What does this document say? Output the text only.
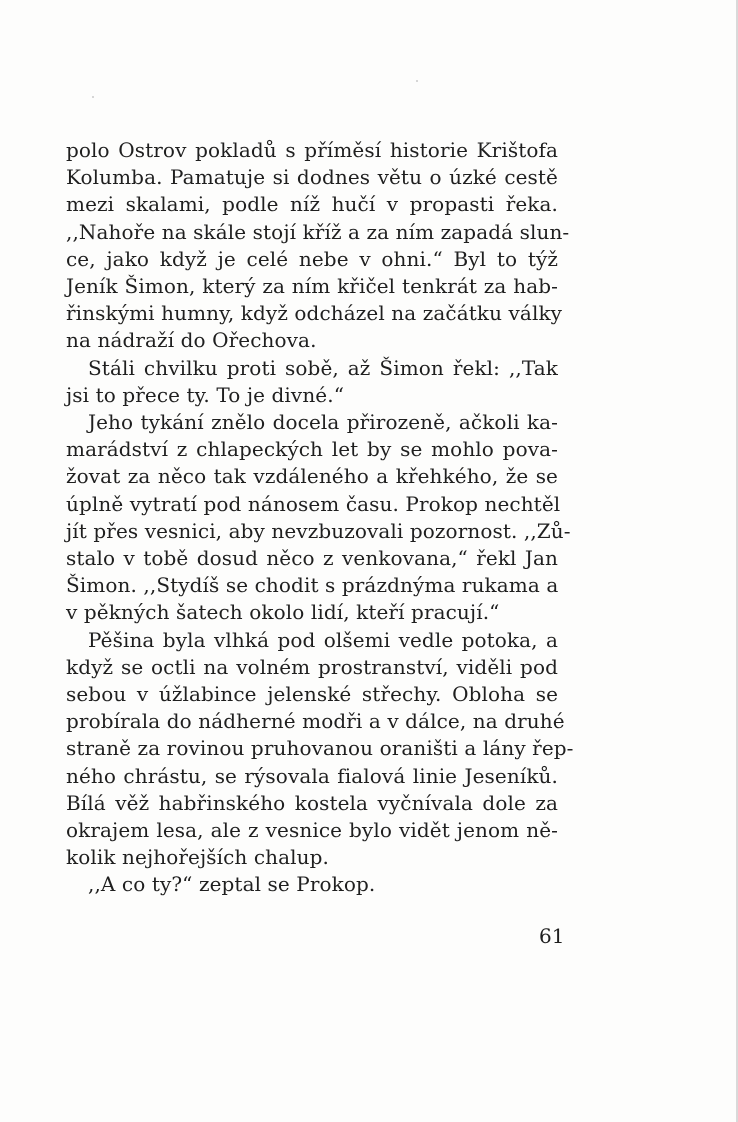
polo Ostrov pokladů s příměsí historie Krištofa
Kolumba. Pamatuje si dodnes větu o úzké cestě
mezi skalami, podle níž hučí v propasti řeka.
,,Nahoře na skále stojí kříž a za ním zapadá slun-
ce, jako když je celé nebe v ohni.“ Byl to týž
Jeník Šimon, který za ním křičel tenkrát za hab-
řinskými humny, když odcházel na začátku války
na nádraží do Ořechova.
Stáli chvilku proti sobě, až Šimon řekl: ,,Tak
jsi to přece ty. To je divné.“
Jeho tykání znělo docela přirozeně, ačkoli ka-
marádství z chlapeckých let by se mohlo pova-
žovat za něco tak vzdáleného a křehkého, že se
úplně vytratí pod nánosem času. Prokop nechtěl
jít přes vesnici, aby nevzbuzovali pozornost. ,,Zů-
stalo v tobě dosud něco z venkovana,“ řekl Jan
Šimon. ,,Stydíš se chodit s prázdnýma rukama a
v pěkných šatech okolo lidí, kteří pracují.“
Pěšina byla vlhká pod olšemi vedle potoka, a
když se octli na volném prostranství, viděli pod
sebou v úžlabince jelenské střechy. Obloha se
probírala do nádherné modři a v dálce, na druhé
straně za rovinou pruhovanou oraništi a lány řep-
ného chrástu, se rýsovala fialová linie Jeseníků.
Bílá věž habřinského kostela vyčnívala dole za
okrajem lesa, ale z vesnice bylo vidět jenom ně-
kolik nejhořejších chalup.
,,A co ty?“ zeptal se Prokop.
61
